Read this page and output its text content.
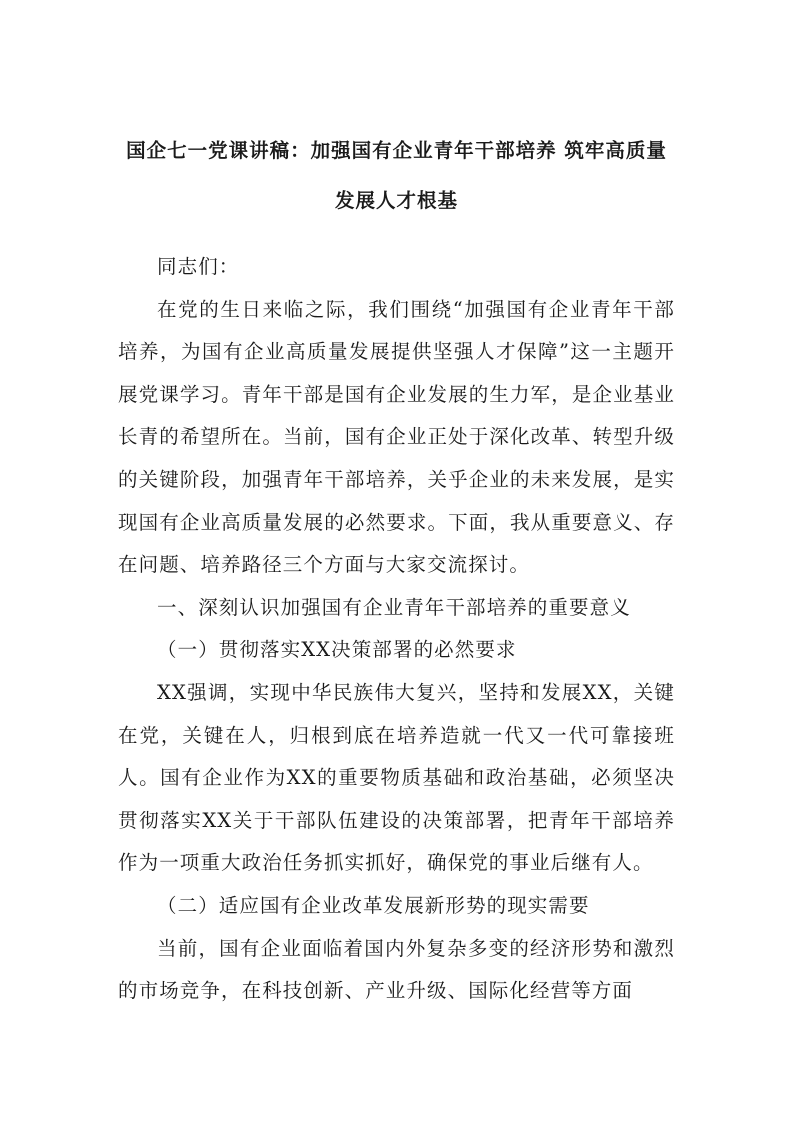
国企七一党课讲稿：加强国有企业青年干部培养 筑牢高质量发展人才根基

同志们：

在党的生日来临之际，我们围绕“加强国有企业青年干部培养，为国有企业高质量发展提供坚强人才保障”这一主题开展党课学习。青年干部是国有企业发展的生力军，是企业基业长青的希望所在。当前，国有企业正处于深化改革、转型升级的关键阶段，加强青年干部培养，关乎企业的未来发展，是实现国有企业高质量发展的必然要求。下面，我从重要意义、存在问题、培养路径三个方面与大家交流探讨。

一、深刻认识加强国有企业青年干部培养的重要意义

（一）贯彻落实XX决策部署的必然要求

XX强调，实现中华民族伟大复兴，坚持和发展XX，关键在党，关键在人，归根到底在培养造就一代又一代可靠接班人。国有企业作为XX的重要物质基础和政治基础，必须坚决贯彻落实XX关于干部队伍建设的决策部署，把青年干部培养作为一项重大政治任务抓实抓好，确保党的事业后继有人。

（二）适应国有企业改革发展新形势的现实需要

当前，国有企业面临着国内外复杂多变的经济形势和激烈的市场竞争，在科技创新、产业升级、国际化经营等方面
